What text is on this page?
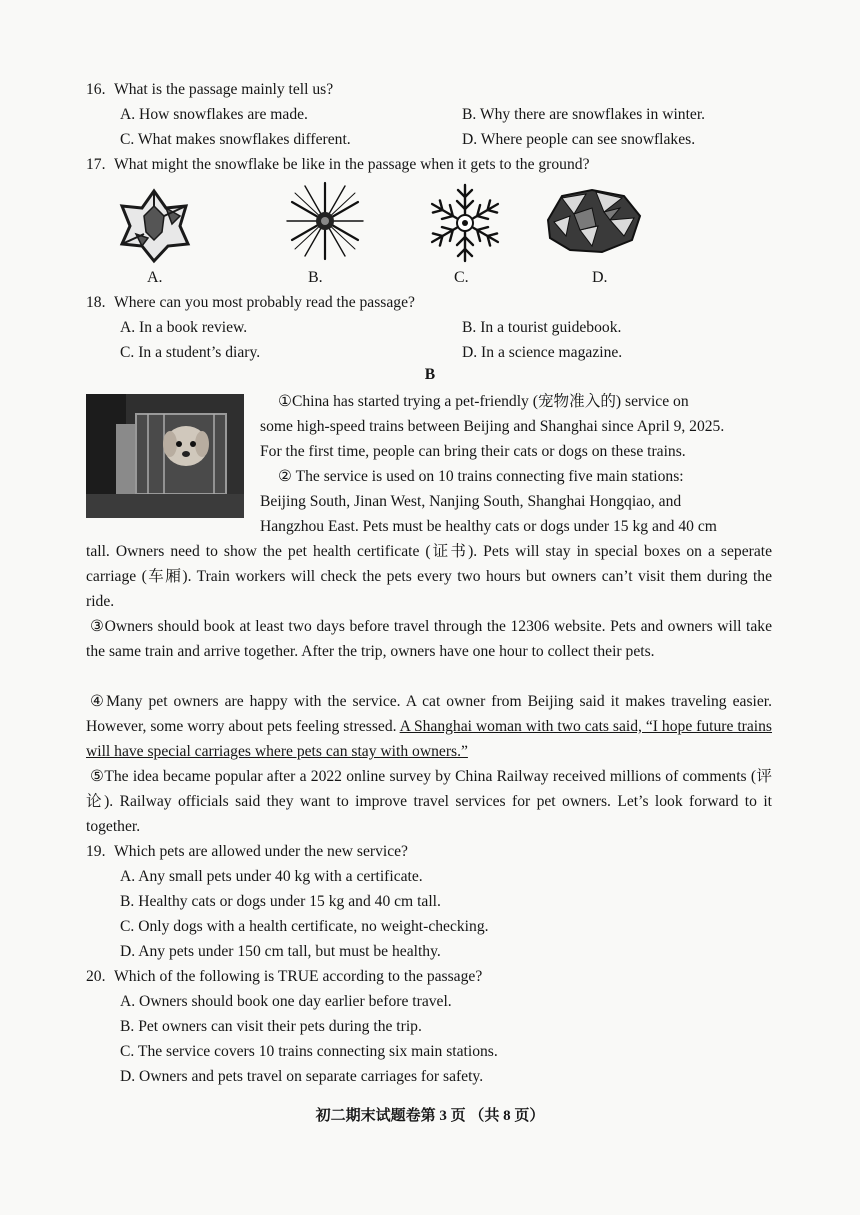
16. What is the passage mainly tell us?
A. How snowflakes are made.	B. Why there are snowflakes in winter.
C. What makes snowflakes different.	D. Where people can see snowflakes.
17. What might the snowflake be like in the passage when it gets to the ground?
A.	B.	C.	D.
18. Where can you most probably read the passage?
A. In a book review.	B. In a tourist guidebook.
C. In a student’s diary.	D. In a science magazine.
B
①China has started trying a pet-friendly (宠物准入的) service on
some high-speed trains between Beijing and Shanghai since April 9, 2025.
For the first time, people can bring their cats or dogs on these trains.
② The service is used on 10 trains connecting five main stations:
Beijing South, Jinan West, Nanjing South, Shanghai Hongqiao, and
Hangzhou East. Pets must be healthy cats or dogs under 15 kg and 40 cm
tall. Owners need to show the pet health certificate (证书). Pets will stay in special boxes on a seperate carriage (车厢). Train workers will check the pets every two hours but owners can’t visit them during the ride.
③Owners should book at least two days before travel through the 12306 website. Pets and owners will take the same train and arrive together. After the trip, owners have one hour to collect their pets.
④Many pet owners are happy with the service. A cat owner from Beijing said it makes traveling easier. However, some worry about pets feeling stressed. A Shanghai woman with two cats said, “I hope future trains will have special carriages where pets can stay with owners.”
⑤The idea became popular after a 2022 online survey by China Railway received millions of comments (评论). Railway officials said they want to improve travel services for pet owners. Let’s look forward to it together.
19. Which pets are allowed under the new service?
A. Any small pets under 40 kg with a certificate.
B. Healthy cats or dogs under 15 kg and 40 cm tall.
C. Only dogs with a health certificate, no weight-checking.
D. Any pets under 150 cm tall, but must be healthy.
20. Which of the following is TRUE according to the passage?
A. Owners should book one day earlier before travel.
B. Pet owners can visit their pets during the trip.
C. The service covers 10 trains connecting six main stations.
D. Owners and pets travel on separate carriages for safety.
初二期末试题卷第 3 页 （共 8 页）
